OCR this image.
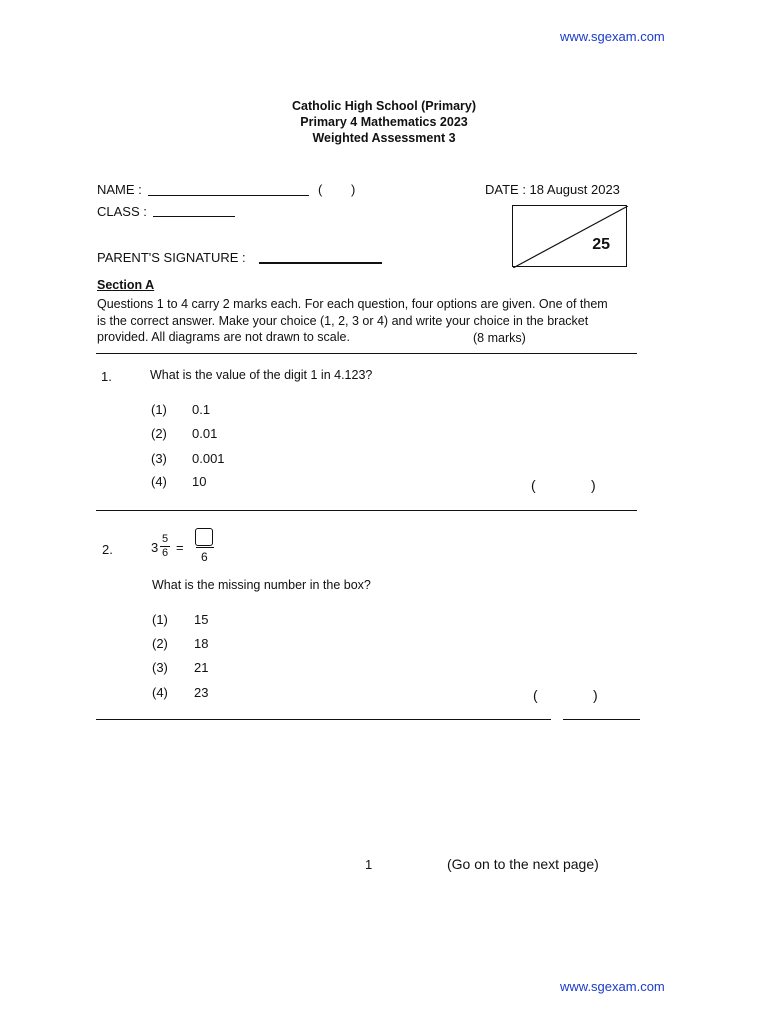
www.sgexam.com
Catholic High School (Primary)
Primary 4 Mathematics 2023
Weighted Assessment 3
NAME :	( )	DATE : 18 August 2023
CLASS :
PARENT'S SIGNATURE :
25
Section A
Questions 1 to 4 carry 2 marks each. For each question, four options are given. One of them
is the correct answer. Make your choice (1, 2, 3 or 4) and write your choice in the bracket
provided. All diagrams are not drawn to scale.	(8 marks)
1.	What is the value of the digit 1 in 4.123?
(1) 0.1
(2) 0.01
(3) 0.001
(4) 10	(	)
2.	3
5
6 =
6
What is the missing number in the box?
(1) 15
(2) 18
(3) 21
(4) 23	(	)
1	(Go on to the next page)
www.sgexam.com
